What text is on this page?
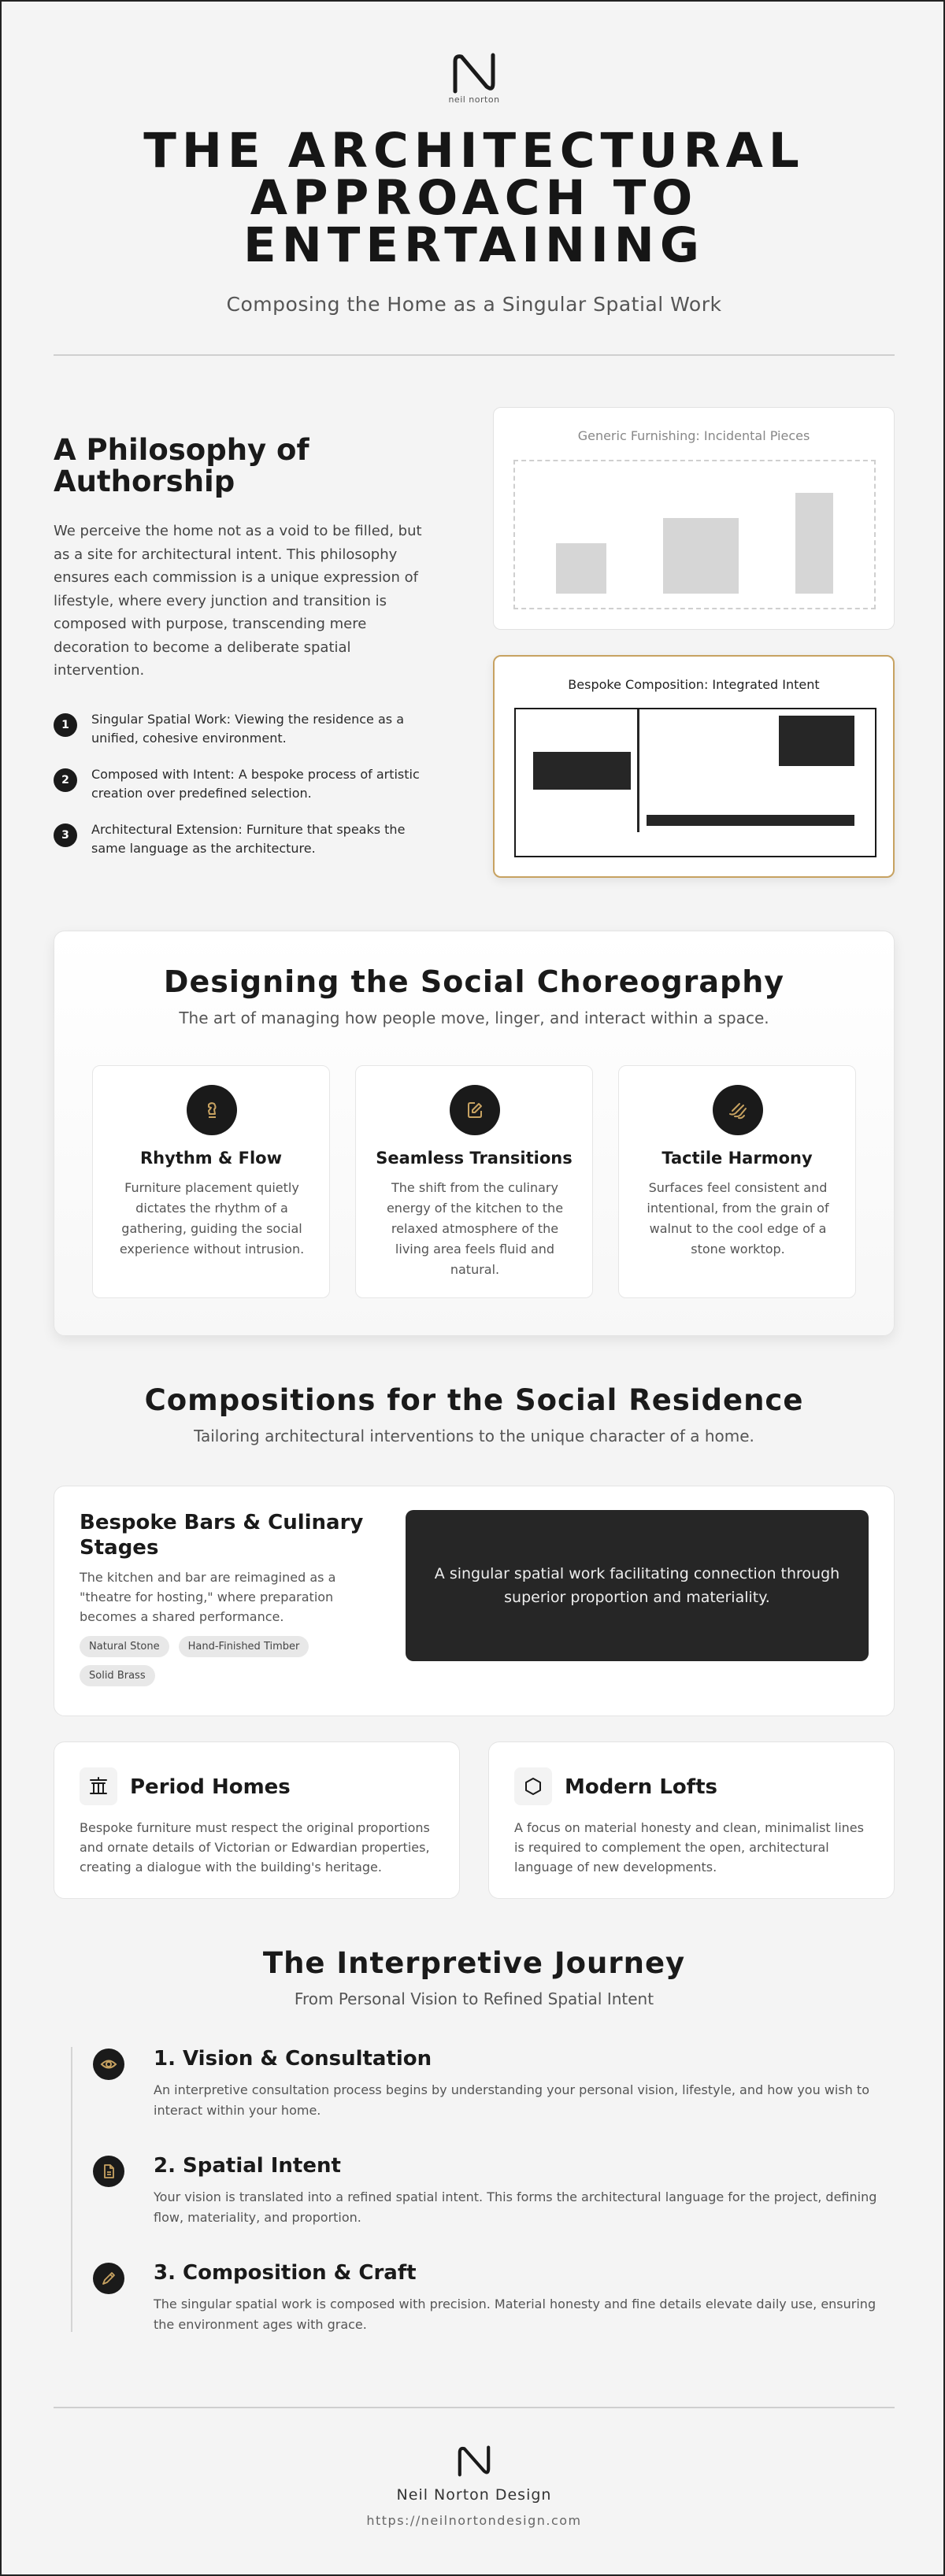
neil norton
THE ARCHITECTURAL APPROACH TO ENTERTAINING
Composing the Home as a Singular Spatial Work
A Philosophy of Authorship
We perceive the home not as a void to be filled, but as a site for architectural intent. This philosophy ensures each commission is a unique expression of lifestyle, where every junction and transition is composed with purpose, transcending mere decoration to become a deliberate spatial intervention.
1	Singular Spatial Work: Viewing the residence as a unified, cohesive environment.
2	Composed with Intent: A bespoke process of artistic creation over predefined selection.
3	Architectural Extension: Furniture that speaks the same language as the architecture.
Generic Furnishing: Incidental Pieces
Bespoke Composition: Integrated Intent
Designing the Social Choreography
The art of managing how people move, linger, and interact within a space.
Rhythm & Flow
Furniture placement quietly dictates the rhythm of a gathering, guiding the social experience without intrusion.
Seamless Transitions
The shift from the culinary energy of the kitchen to the relaxed atmosphere of the living area feels fluid and natural.
Tactile Harmony
Surfaces feel consistent and intentional, from the grain of walnut to the cool edge of a stone worktop.
Compositions for the Social Residence
Tailoring architectural interventions to the unique character of a home.
Bespoke Bars & Culinary Stages
The kitchen and bar are reimagined as a "theatre for hosting," where preparation becomes a shared performance.
Natural Stone	Hand-Finished Timber
Solid Brass
A singular spatial work facilitating connection through superior proportion and materiality.
Period Homes
Bespoke furniture must respect the original proportions and ornate details of Victorian or Edwardian properties, creating a dialogue with the building's heritage.
Modern Lofts
A focus on material honesty and clean, minimalist lines is required to complement the open, architectural language of new developments.
The Interpretive Journey
From Personal Vision to Refined Spatial Intent
1. Vision & Consultation
An interpretive consultation process begins by understanding your personal vision, lifestyle, and how you wish to interact within your home.
2. Spatial Intent
Your vision is translated into a refined spatial intent. This forms the architectural language for the project, defining flow, materiality, and proportion.
3. Composition & Craft
The singular spatial work is composed with precision. Material honesty and fine details elevate daily use, ensuring the environment ages with grace.
Neil Norton Design
https://neilnortondesign.com
